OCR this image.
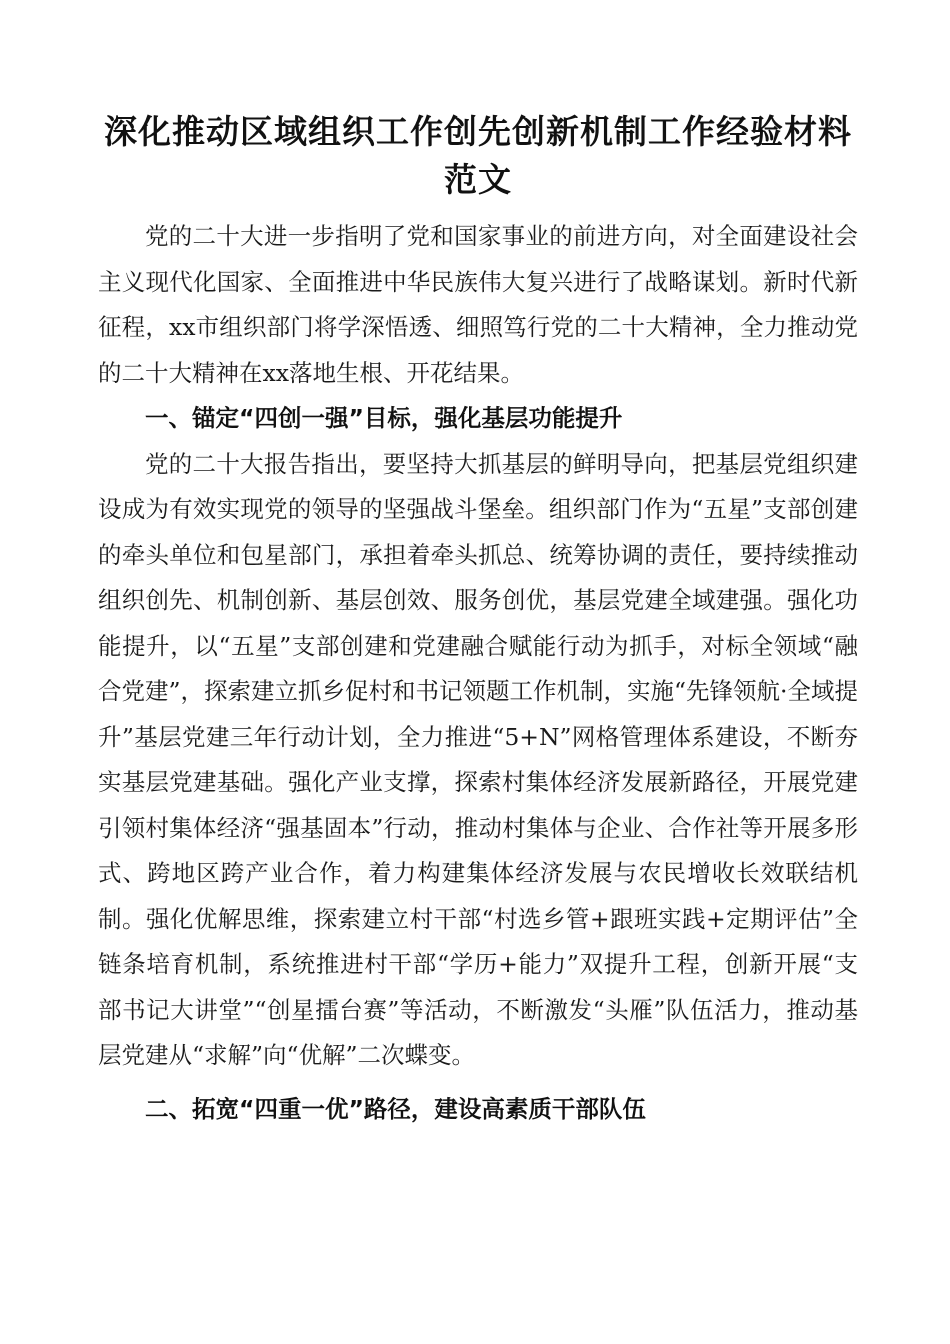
深化推动区域组织工作创先创新机制工作经验材料范文

党的二十大进一步指明了党和国家事业的前进方向，对全面建设社会主义现代化国家、全面推进中华民族伟大复兴进行了战略谋划。新时代新征程，xx市组织部门将学深悟透、细照笃行党的二十大精神，全力推动党的二十大精神在xx落地生根、开花结果。

一、锚定“四创一强”目标，强化基层功能提升

党的二十大报告指出，要坚持大抓基层的鲜明导向，把基层党组织建设成为有效实现党的领导的坚强战斗堡垒。组织部门作为“五星”支部创建的牵头单位和包星部门，承担着牵头抓总、统筹协调的责任，要持续推动组织创先、机制创新、基层创效、服务创优，基层党建全域建强。强化功能提升，以“五星”支部创建和党建融合赋能行动为抓手，对标全领域“融合党建”，探索建立抓乡促村和书记领题工作机制，实施“先锋领航·全域提升”基层党建三年行动计划，全力推进“5+N”网格管理体系建设，不断夯实基层党建基础。强化产业支撑，探索村集体经济发展新路径，开展党建引领村集体经济“强基固本”行动，推动村集体与企业、合作社等开展多形式、跨地区跨产业合作，着力构建集体经济发展与农民增收长效联结机制。强化优解思维，探索建立村干部“村选乡管+跟班实践+定期评估”全链条培育机制，系统推进村干部“学历+能力”双提升工程，创新开展“支部书记大讲堂”“创星擂台赛”等活动，不断激发“头雁”队伍活力，推动基层党建从“求解”向“优解”二次蝶变。

二、拓宽“四重一优”路径，建设高素质干部队伍
